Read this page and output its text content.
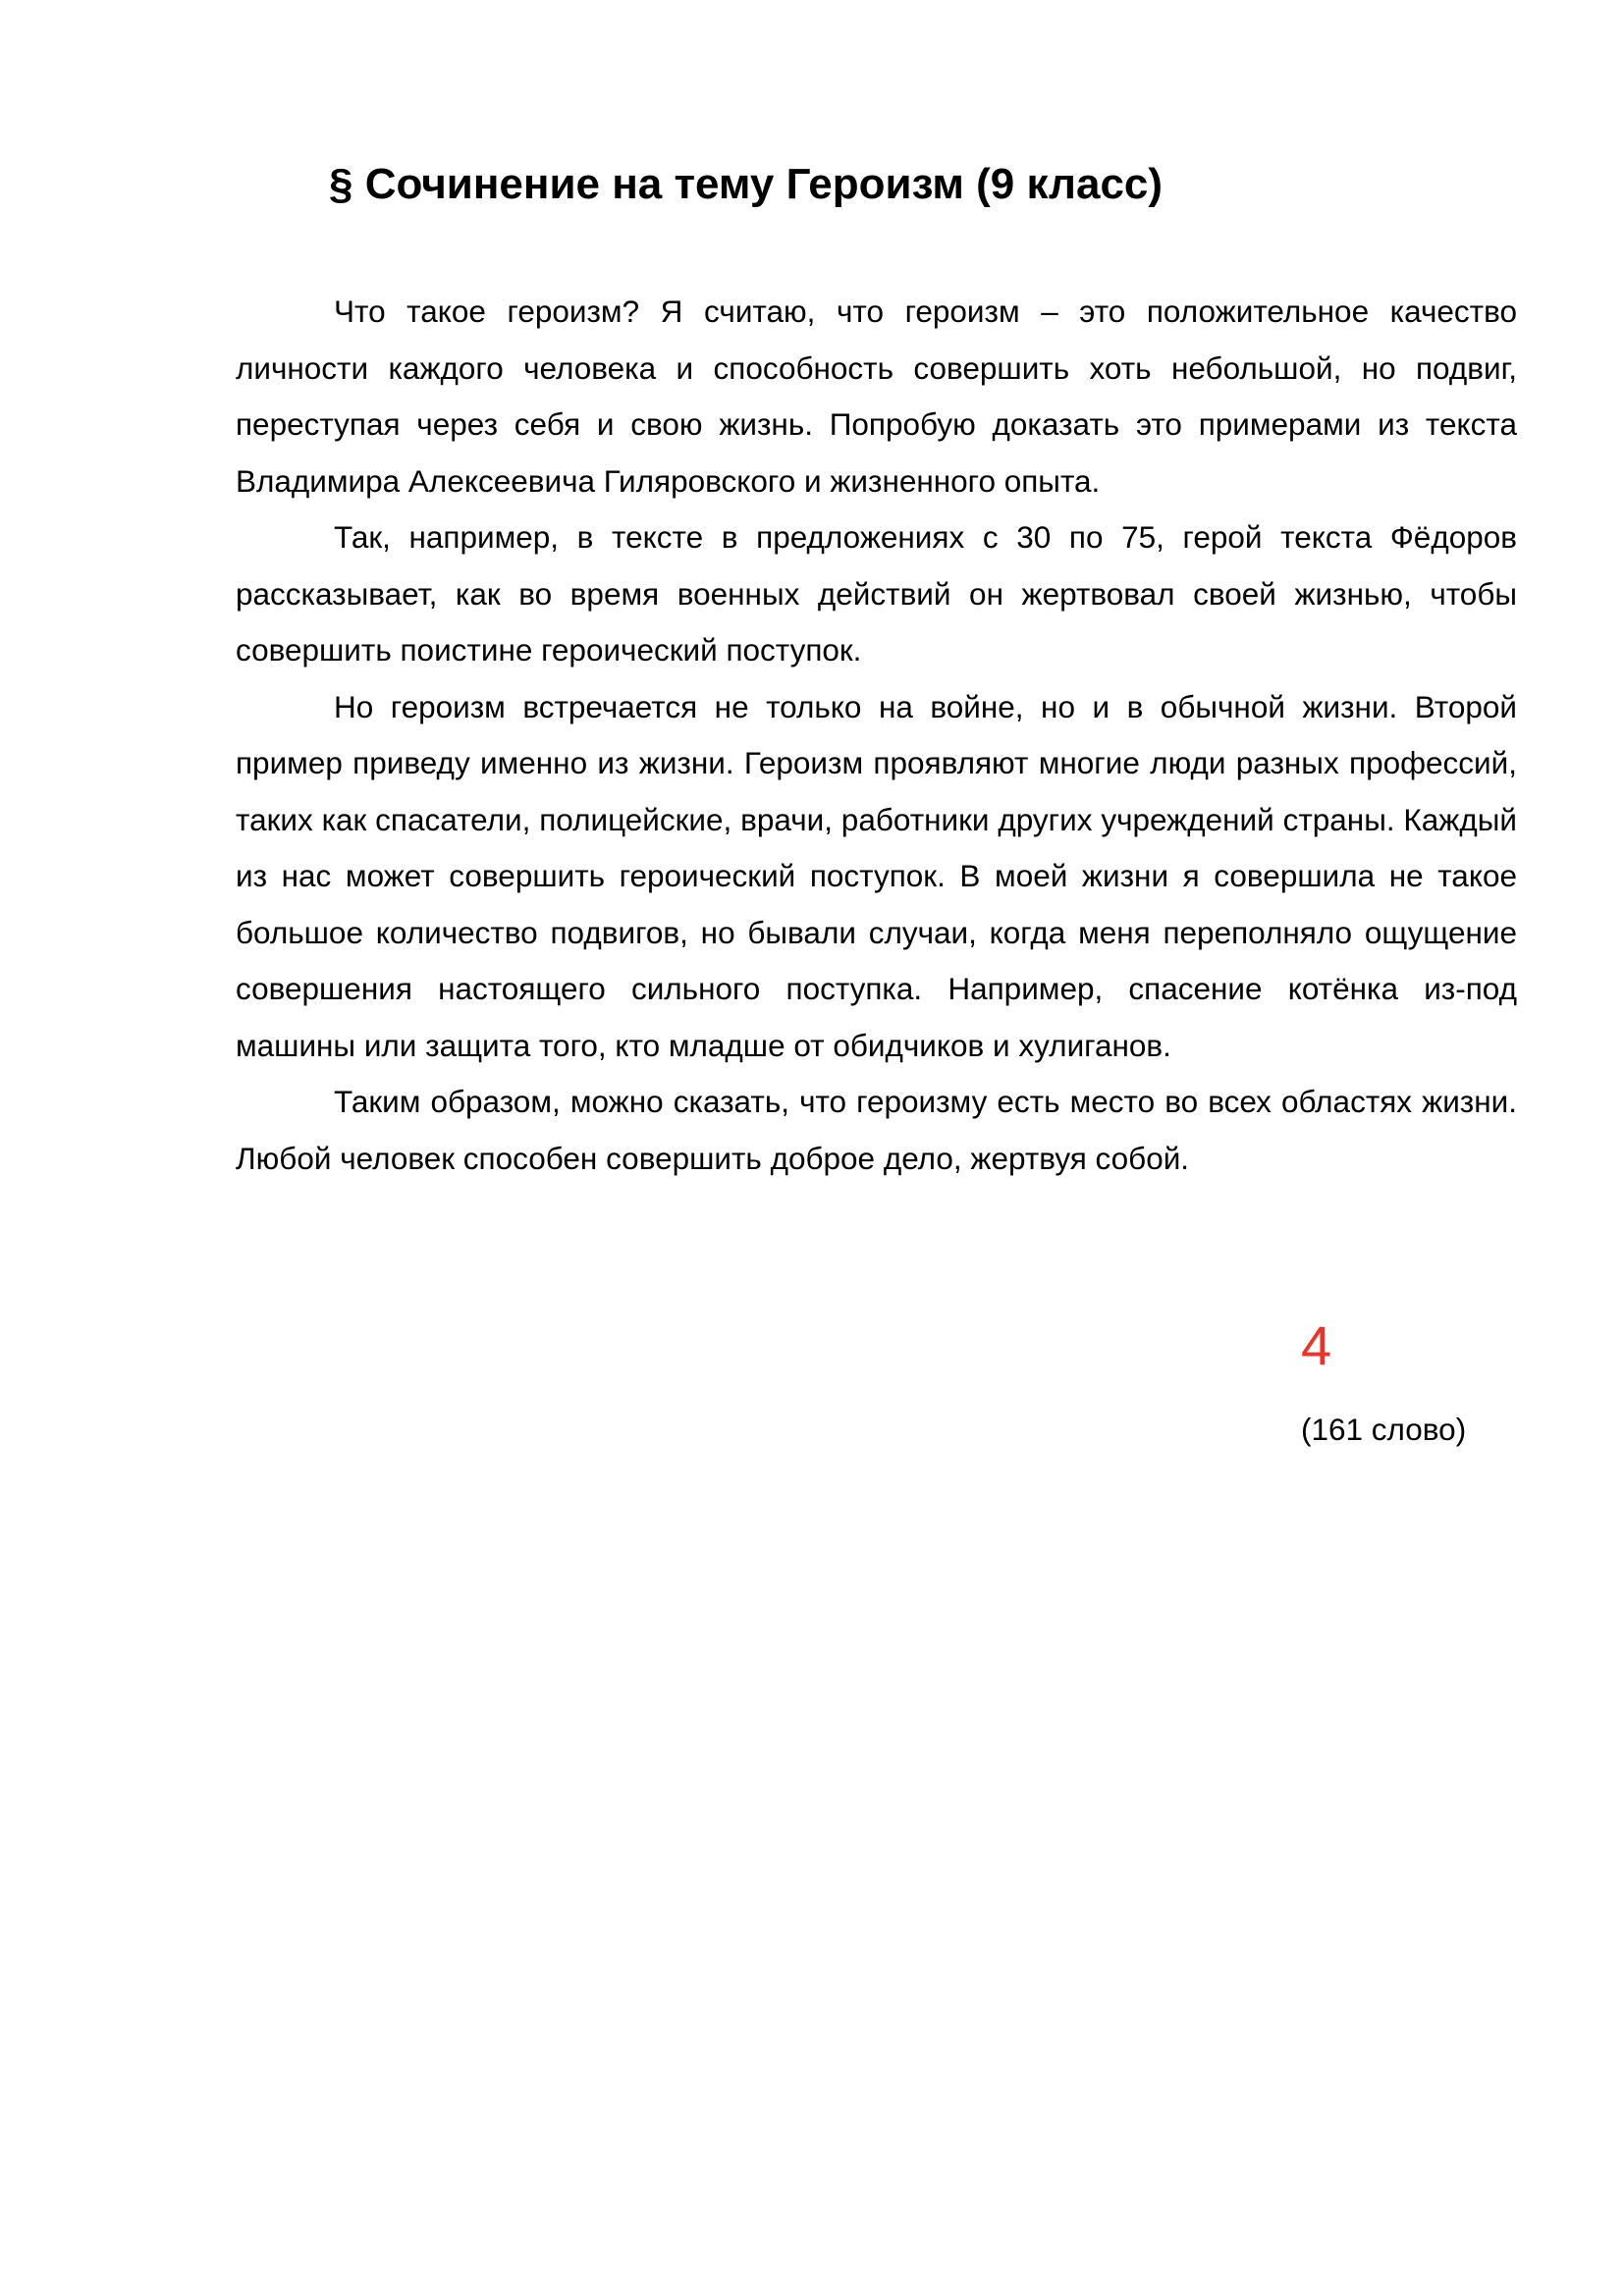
§ Сочинение на тему Героизм (9 класс)

Что такое героизм? Я считаю, что героизм – это положительное качество личности каждого человека и способность совершить хоть небольшой, но подвиг, переступая через себя и свою жизнь. Попробую доказать это примерами из текста Владимира Алексеевича Гиляровского и жизненного опыта.

Так, например, в тексте в предложениях с 30 по 75, герой текста Фёдоров рассказывает, как во время военных действий он жертвовал своей жизнью, чтобы совершить поистине героический поступок.

Но героизм встречается не только на войне, но и в обычной жизни. Второй пример приведу именно из жизни. Героизм проявляют многие люди разных профессий, таких как спасатели, полицейские, врачи, работники других учреждений страны. Каждый из нас может совершить героический поступок. В моей жизни я совершила не такое большое количество подвигов, но бывали случаи, когда меня переполняло ощущение совершения настоящего сильного поступка. Например, спасение котёнка из-под машины или защита того, кто младше от обидчиков и хулиганов.

Таким образом, можно сказать, что героизму есть место во всех областях жизни. Любой человек способен совершить доброе дело, жертвуя собой.

4
(161 слово)
